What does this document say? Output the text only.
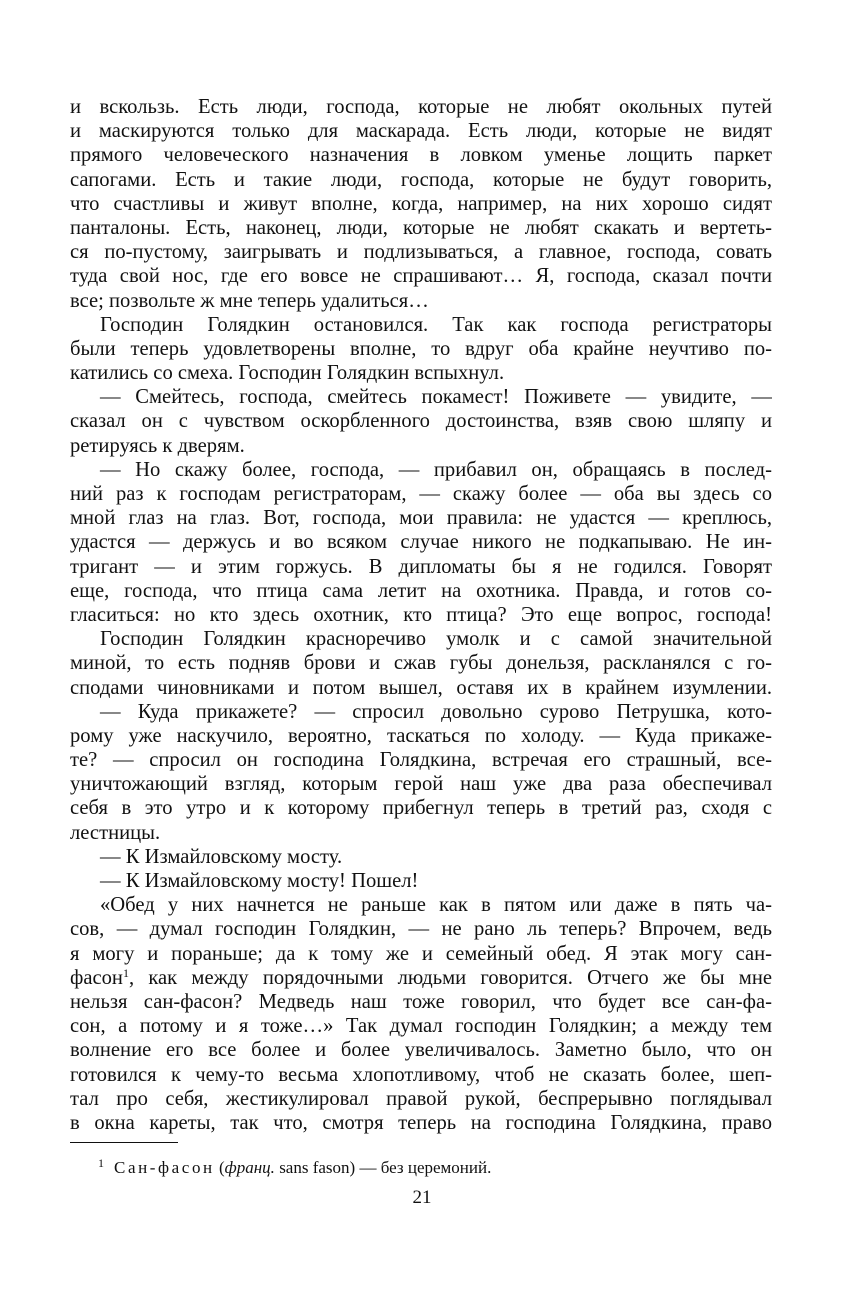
и вскользь. Есть люди, господа, которые не любят окольных путей
и маскируются только для маскарада. Есть люди, которые не видят
прямого человеческого назначения в ловком уменье лощить паркет
сапогами. Есть и такие люди, господа, которые не будут говорить,
что счастливы и живут вполне, когда, например, на них хорошо сидят
панталоны. Есть, наконец, люди, которые не любят скакать и вертеть-
ся по-пустому, заигрывать и подлизываться, а главное, господа, совать
туда свой нос, где его вовсе не спрашивают… Я, господа, сказал почти
все; позвольте ж мне теперь удалиться…
Господин Голядкин остановился. Так как господа регистраторы
были теперь удовлетворены вполне, то вдруг оба крайне неучтиво по-
катились со смеха. Господин Голядкин вспыхнул.
— Смейтесь, господа, смейтесь покамест! Поживете — увидите, —
сказал он с чувством оскорбленного достоинства, взяв свою шляпу и
ретируясь к дверям.
— Но скажу более, господа, — прибавил он, обращаясь в послед-
ний раз к господам регистраторам, — скажу более — оба вы здесь со
мной глаз на глаз. Вот, господа, мои правила: не удастся — креплюсь,
удастся — держусь и во всяком случае никого не подкапываю. Не ин-
тригант — и этим горжусь. В дипломаты бы я не годился. Говорят
еще, господа, что птица сама летит на охотника. Правда, и готов со-
гласиться: но кто здесь охотник, кто птица? Это еще вопрос, господа!
Господин Голядкин красноречиво умолк и с самой значительной
миной, то есть подняв брови и сжав губы донельзя, раскланялся с го-
сподами чиновниками и потом вышел, оставя их в крайнем изумлении.
— Куда прикажете? — спросил довольно сурово Петрушка, кото-
рому уже наскучило, вероятно, таскаться по холоду. — Куда прикаже-
те? — спросил он господина Голядкина, встречая его страшный, все-
уничтожающий взгляд, которым герой наш уже два раза обеспечивал
себя в это утро и к которому прибегнул теперь в третий раз, сходя с
лестницы.
— К Измайловскому мосту.
— К Измайловскому мосту! Пошел!
«Обед у них начнется не раньше как в пятом или даже в пять ча-
сов, — думал господин Голядкин, — не рано ль теперь? Впрочем, ведь
я могу и пораньше; да к тому же и семейный обед. Я этак могу сан-
фасон$^1$, как между порядочными людьми говорится. Отчего же бы мне
нельзя сан-фасон? Медведь наш тоже говорил, что будет все сан-фа-
сон, а потому и я тоже…» Так думал господин Голядкин; а между тем
волнение его все более и более увеличивалось. Заметно было, что он
готовился к чему-то весьма хлопотливому, чтоб не сказать более, шеп-
тал про себя, жестикулировал правой рукой, беспрерывно поглядывал
в окна кареты, так что, смотря теперь на господина Голядкина, право
$^1$ Сан-фасон (франц. sans fason) — без церемоний.
21
